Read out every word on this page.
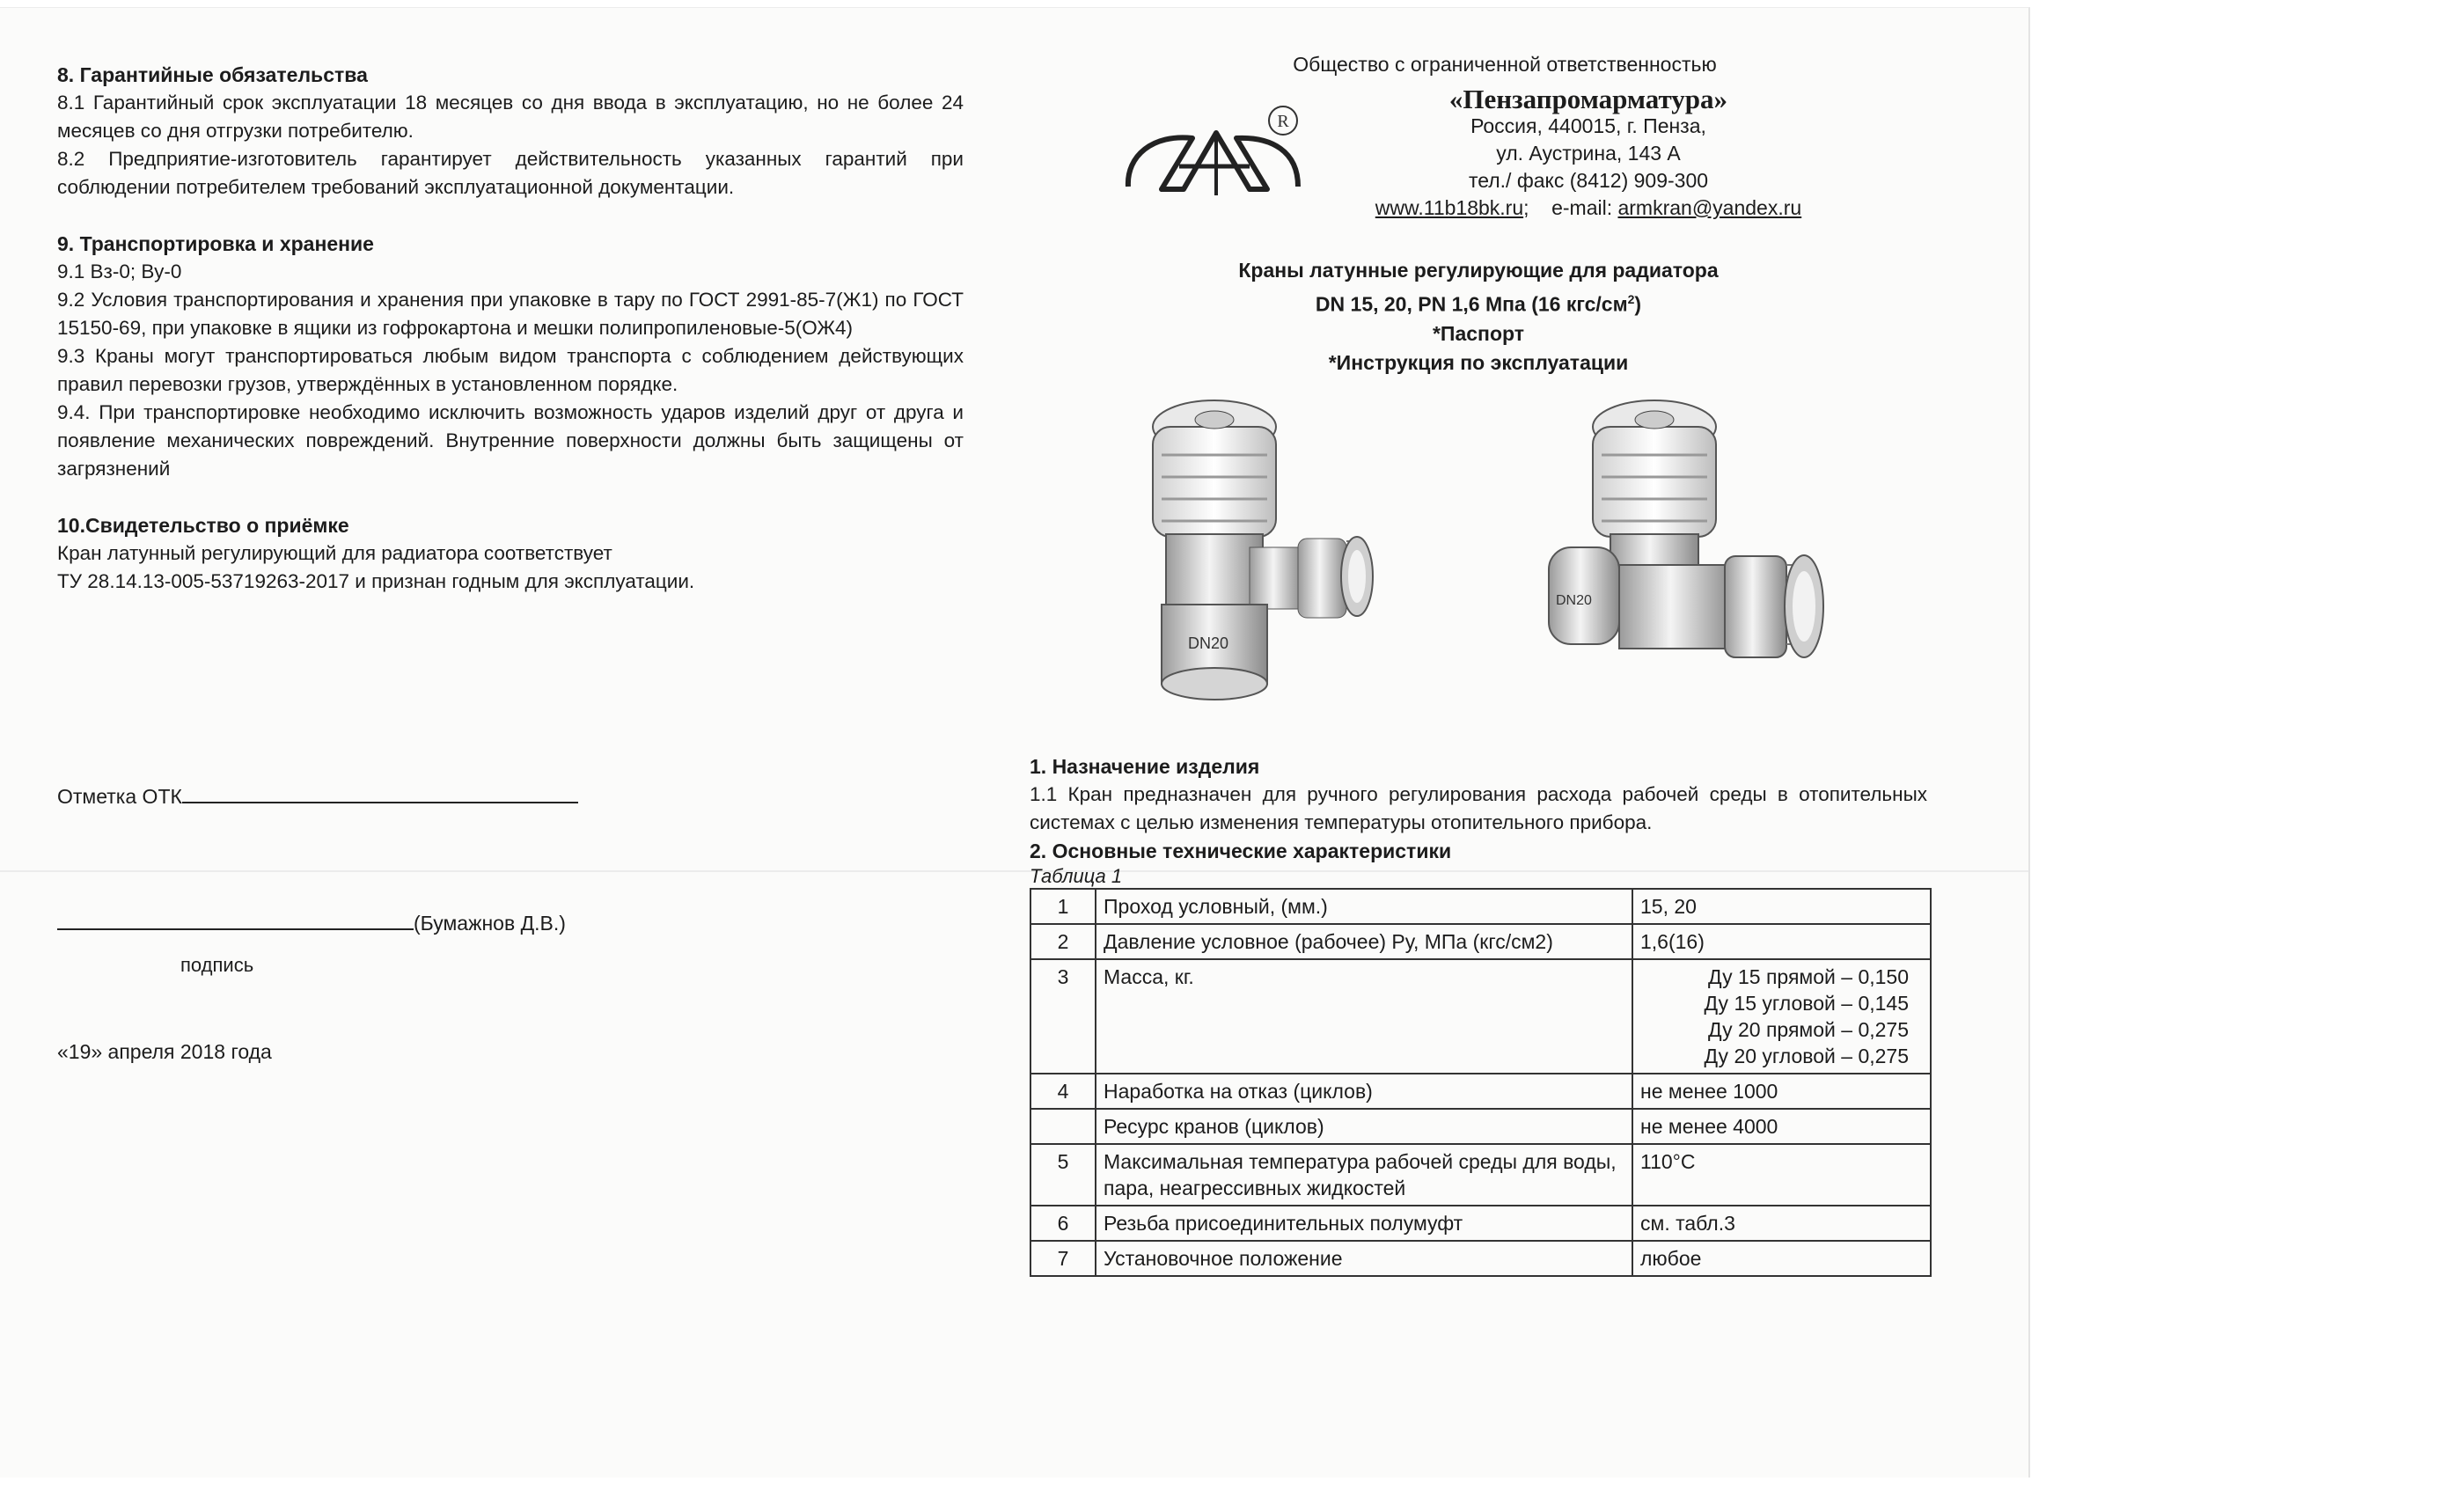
8. Гарантийные обязательства

8.1 Гарантийный срок эксплуатации 18 месяцев со дня ввода в эксплуатацию, но не более 24 месяцев со дня отгрузки потребителю.

8.2 Предприятие-изготовитель гарантирует действительность указанных гарантий при соблюдении потребителем требований эксплуатационной документации.

9. Транспортировка и хранение

9.1 Вз-0; Ву-0

9.2 Условия транспортирования и хранения при упаковке в тару по ГОСТ 2991-85-7(Ж1) по ГОСТ 15150-69, при упаковке в ящики из гофрокартона и мешки полипропиленовые-5(ОЖ4)

9.3 Краны могут транспортироваться любым видом транспорта с соблюдением действующих правил перевозки грузов, утверждённых в установленном порядке.

9.4. При транспортировке необходимо исключить возможность ударов изделий друг от друга и появление механических повреждений. Внутренние поверхности должны быть защищены от загрязнений

10.Свидетельство о приёмке

Кран латунный регулирующий для радиатора соответствует

ТУ 28.14.13-005-53719263-2017 и признан годным для эксплуатации.

Отметка ОТК
(Бумажнов Д.В.)
подпись
«19» апреля 2018 года
Общество с ограниченной ответственностью
R
«Пензапромарматура»
Россия, 440015, г. Пенза,
ул. Аустрина, 143 А
тел./ факс (8412) 909-300
www.11b18bk.ru; e-mail: armkran@yandex.ru
Краны латунные регулирующие для радиатора
DN 15, 20, PN 1,6 Мпа (16 кгс/$см^2$)
*Паспорт
*Инструкция по эксплуатации
DN20
DN20
1. Назначение изделия

1.1 Кран предназначен для ручного регулирования расхода рабочей среды в отопительных системах с целью изменения температуры отопительного прибора.

2. Основные технические характеристики
Таблица 1
1	Проход условный, (мм.)	15, 20
2	Давление условное (рабочее) Ру, МПа (кгс/см2)	1,6(16)
3	Масса, кг.	Ду 15 прямой – 0,150
Ду 15 угловой – 0,145
Ду 20 прямой – 0,275
Ду 20 угловой – 0,275

4	Наработка на отказ (циклов)	не менее 1000
	Ресурс кранов (циклов)	не менее 4000
5	Максимальная температура рабочей среды для воды, пара, неагрессивных жидкостей	110°С
6	Резьба присоединительных полумуфт	см. табл.3
7	Установочное положение	любое
